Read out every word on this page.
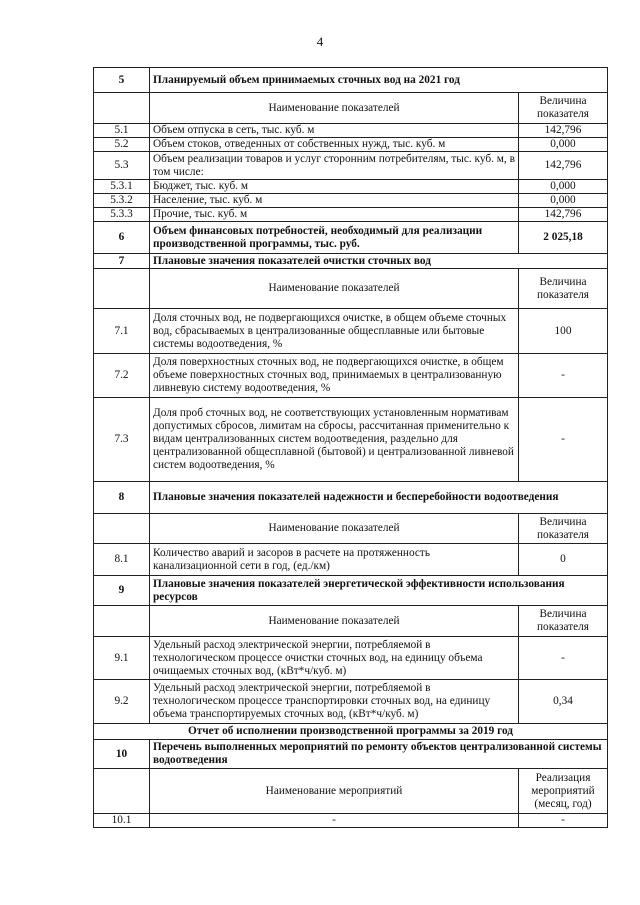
4
5	Планируемый объем принимаемых сточных вод на 2021 год	
	Наименование показателей	Величина показателя
5.1	Объем отпуска в сеть, тыс. куб. м	142,796
5.2	Объем стоков, отведенных от собственных нужд, тыс. куб. м	0,000
5.3	Объем реализации товаров и услуг сторонним потребителям, тыс. куб. м, в том числе:	142,796
5.3.1	Бюджет, тыс. куб. м	0,000
5.3.2	Население, тыс. куб. м	0,000
5.3.3	Прочие, тыс. куб. м	142,796
6	Объем финансовых потребностей, необходимый для реализации производственной программы, тыс. руб.	2 025,18
7	Плановые значения показателей очистки сточных вод	
	Наименование показателей	Величина показателя
7.1	Доля сточных вод, не подвергающихся очистке, в общем объеме сточных вод, сбрасываемых в централизованные общесплавные или бытовые системы водоотведения, %	100
7.2	Доля поверхностных сточных вод, не подвергающихся очистке, в общем объеме поверхностных сточных вод, принимаемых в централизованную ливневую систему водоотведения, %	-
7.3	Доля проб сточных вод, не соответствующих установленным нормативам допустимых сбросов, лимитам на сбросы, рассчитанная применительно к видам централизованных систем водоотведения, раздельно для централизованной общесплавной (бытовой) и централизованной ливневой систем водоотведения, %	-
8	Плановые значения показателей надежности и бесперебойности водоотведения	
	Наименование показателей	Величина показателя
8.1	Количество аварий и засоров в расчете на протяженность канализационной сети в год, (ед./км)	0
9	Плановые значения показателей энергетической эффективности использования ресурсов	
	Наименование показателей	Величина показателя
9.1	Удельный расход электрической энергии, потребляемой в технологическом процессе очистки сточных вод, на единицу объема очищаемых сточных вод, (кВт*ч/куб. м)	-
9.2	Удельный расход электрической энергии, потребляемой в технологическом процессе транспортировки сточных вод, на единицу объема транспортируемых сточных вод, (кВт*ч/куб. м)	0,34
Отчет об исполнении производственной программы за 2019 год		
10	Перечень выполненных мероприятий по ремонту объектов централизованной системы водоотведения	
	Наименование мероприятий	Реализация мероприятий (месяц, год)
10.1	-	-
